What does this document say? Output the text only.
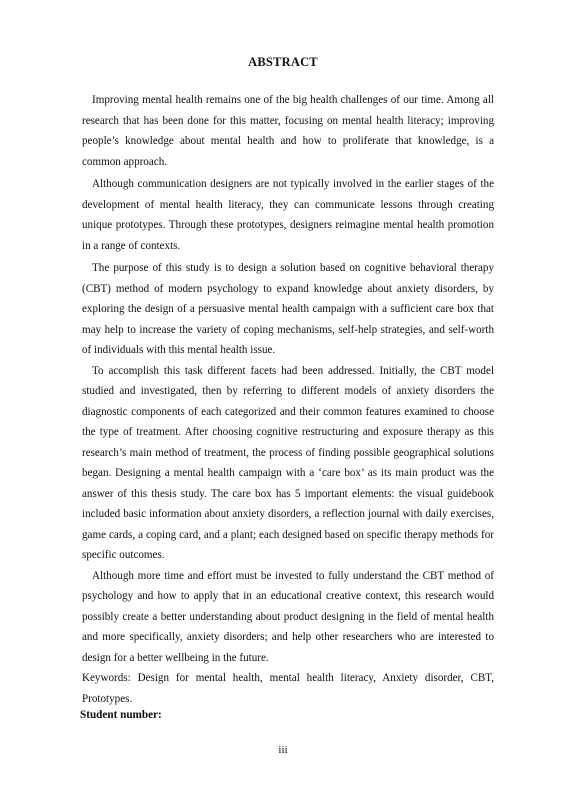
ABSTRACT

Improving mental health remains one of the big health challenges of our time. Among all research that has been done for this matter, focusing on mental health literacy; improving people’s knowledge about mental health and how to proliferate that knowledge, is a common approach.

Although communication designers are not typically involved in the earlier stages of the development of mental health literacy, they can communicate lessons through creating unique prototypes. Through these prototypes, designers reimagine mental health promotion in a range of contexts.

The purpose of this study is to design a solution based on cognitive behavioral therapy (CBT) method of modern psychology to expand knowledge about anxiety disorders, by exploring the design of a persuasive mental health campaign with a sufficient care box that may help to increase the variety of coping mechanisms, self-help strategies, and self-worth of individuals with this mental health issue.

To accomplish this task different facets had been addressed. Initially, the CBT model studied and investigated, then by referring to different models of anxiety disorders the diagnostic components of each categorized and their common features examined to choose the type of treatment. After choosing cognitive restructuring and exposure therapy as this research’s main method of treatment, the process of finding possible geographical solutions began. Designing a mental health campaign with a ‘care box’ as its main product was the answer of this thesis study. The care box has 5 important elements: the visual guidebook included basic information about anxiety disorders, a reflection journal with daily exercises, game cards, a coping card, and a plant; each designed based on specific therapy methods for specific outcomes.

Although more time and effort must be invested to fully understand the CBT method of psychology and how to apply that in an educational creative context, this research would possibly create a better understanding about product designing in the field of mental health and more specifically, anxiety disorders; and help other researchers who are interested to design for a better wellbeing in the future.

Keywords: Design for mental health, mental health literacy, Anxiety disorder, CBT, Prototypes.
Student number:
iii
